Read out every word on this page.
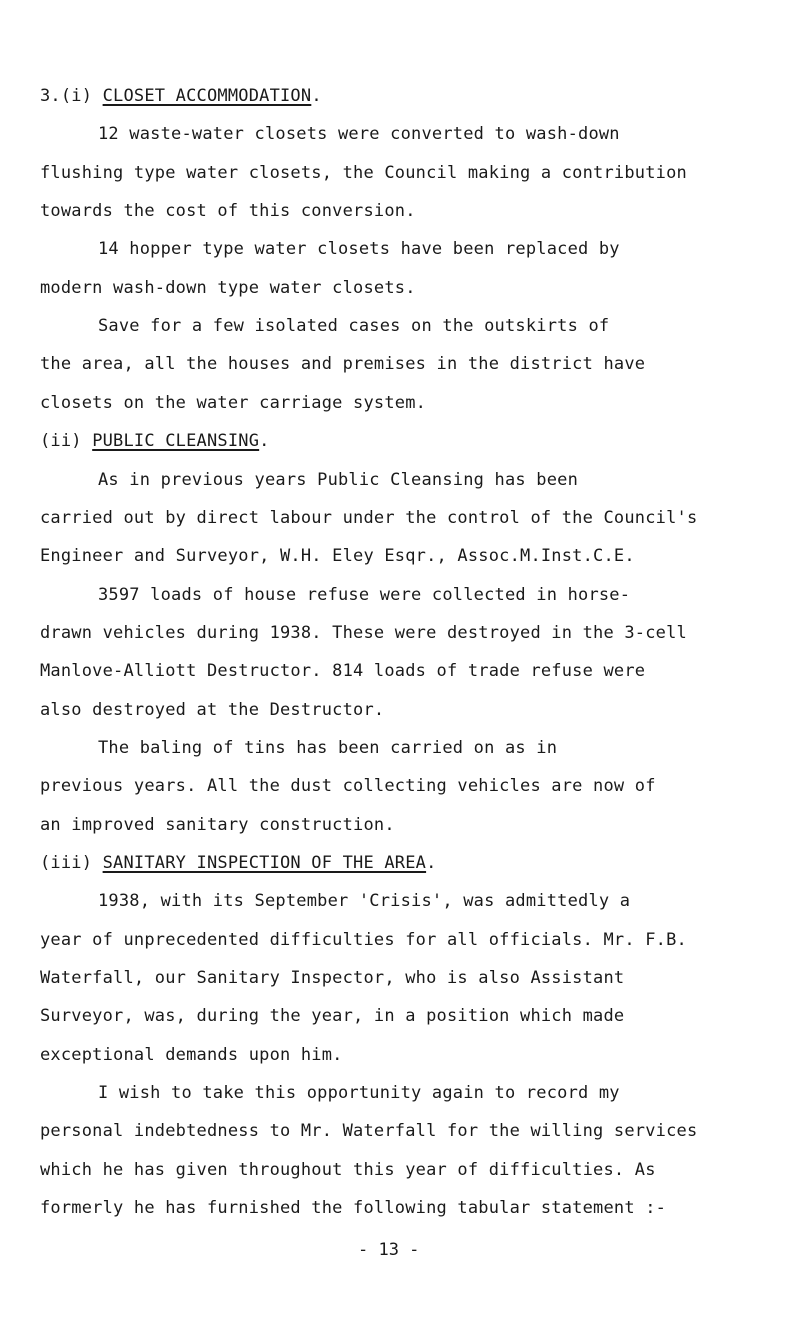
3.(i) CLOSET ACCOMMODATION.
12 waste-water closets were converted to wash-down
flushing type water closets, the Council making a contribution
towards the cost of this conversion.
14 hopper type water closets have been replaced by
modern wash-down type water closets.
Save for a few isolated cases on the outskirts of
the area, all the houses and premises in the district have
closets on the water carriage system.
(ii) PUBLIC CLEANSING.
As in previous years Public Cleansing has been
carried out by direct labour under the control of the Council's
Engineer and Surveyor, W.H. Eley Esqr., Assoc.M.Inst.C.E.
3597 loads of house refuse were collected in horse-
drawn vehicles during 1938. These were destroyed in the 3-cell
Manlove-Alliott Destructor. 814 loads of trade refuse were
also destroyed at the Destructor.
The baling of tins has been carried on as in
previous years. All the dust collecting vehicles are now of
an improved sanitary construction.
(iii) SANITARY INSPECTION OF THE AREA.
1938, with its September 'Crisis', was admittedly a
year of unprecedented difficulties for all officials. Mr. F.B.
Waterfall, our Sanitary Inspector, who is also Assistant
Surveyor, was, during the year, in a position which made
exceptional demands upon him.
I wish to take this opportunity again to record my
personal indebtedness to Mr. Waterfall for the willing services
which he has given throughout this year of difficulties. As
formerly he has furnished the following tabular statement :-
- 13 -
